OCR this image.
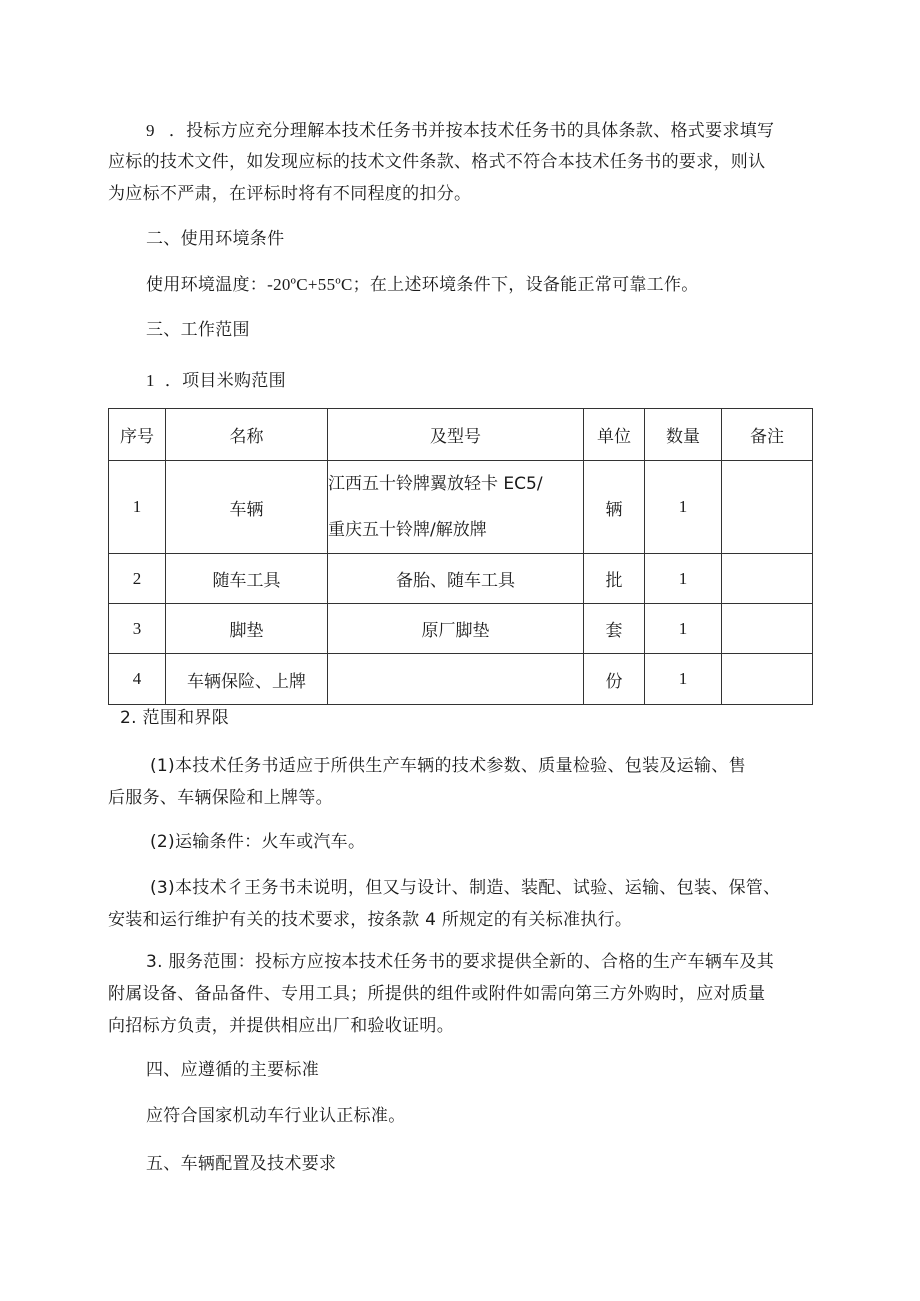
9 ．投标方应充分理解本技术任务书并按本技术任务书的具体条款、格式要求填写
应标的技术文件，如发现应标的技术文件条款、格式不符合本技术任务书的要求，则认
为应标不严肃，在评标时将有不同程度的扣分。
二、使用环境条件
使用环境温度：-20ºC+55ºC；在上述环境条件下，设备能正常可靠工作。
三、工作范围
1 ．项目米购范围
序号	名称	及型号	单位	数量	备注
1	车辆	江西五十铃牌翼放轻卡 EC5/
重庆五十铃牌/解放牌	辆	1	
2	随车工具	备胎、随车工具	批	1	
3	脚垫	原厂脚垫	套	1	
4	车辆保险、上牌		份	1	
2. 范围和界限
(1)本技术任务书适应于所供生产车辆的技术参数、质量检验、包装及运输、售
后服务、车辆保险和上牌等。
(2)运输条件：火车或汽车。
(3)本技术彳王务书未说明，但又与设计、制造、装配、试验、运输、包装、保管、
安装和运行维护有关的技术要求，按条款 4 所规定的有关标准执行。
3. 服务范围：投标方应按本技术任务书的要求提供全新的、合格的生产车辆车及其
附属设备、备品备件、专用工具；所提供的组件或附件如需向第三方外购时，应对质量
向招标方负责，并提供相应出厂和验收证明。
四、应遵循的主要标准
应符合国家机动车行业认正标准。
五、车辆配置及技术要求
